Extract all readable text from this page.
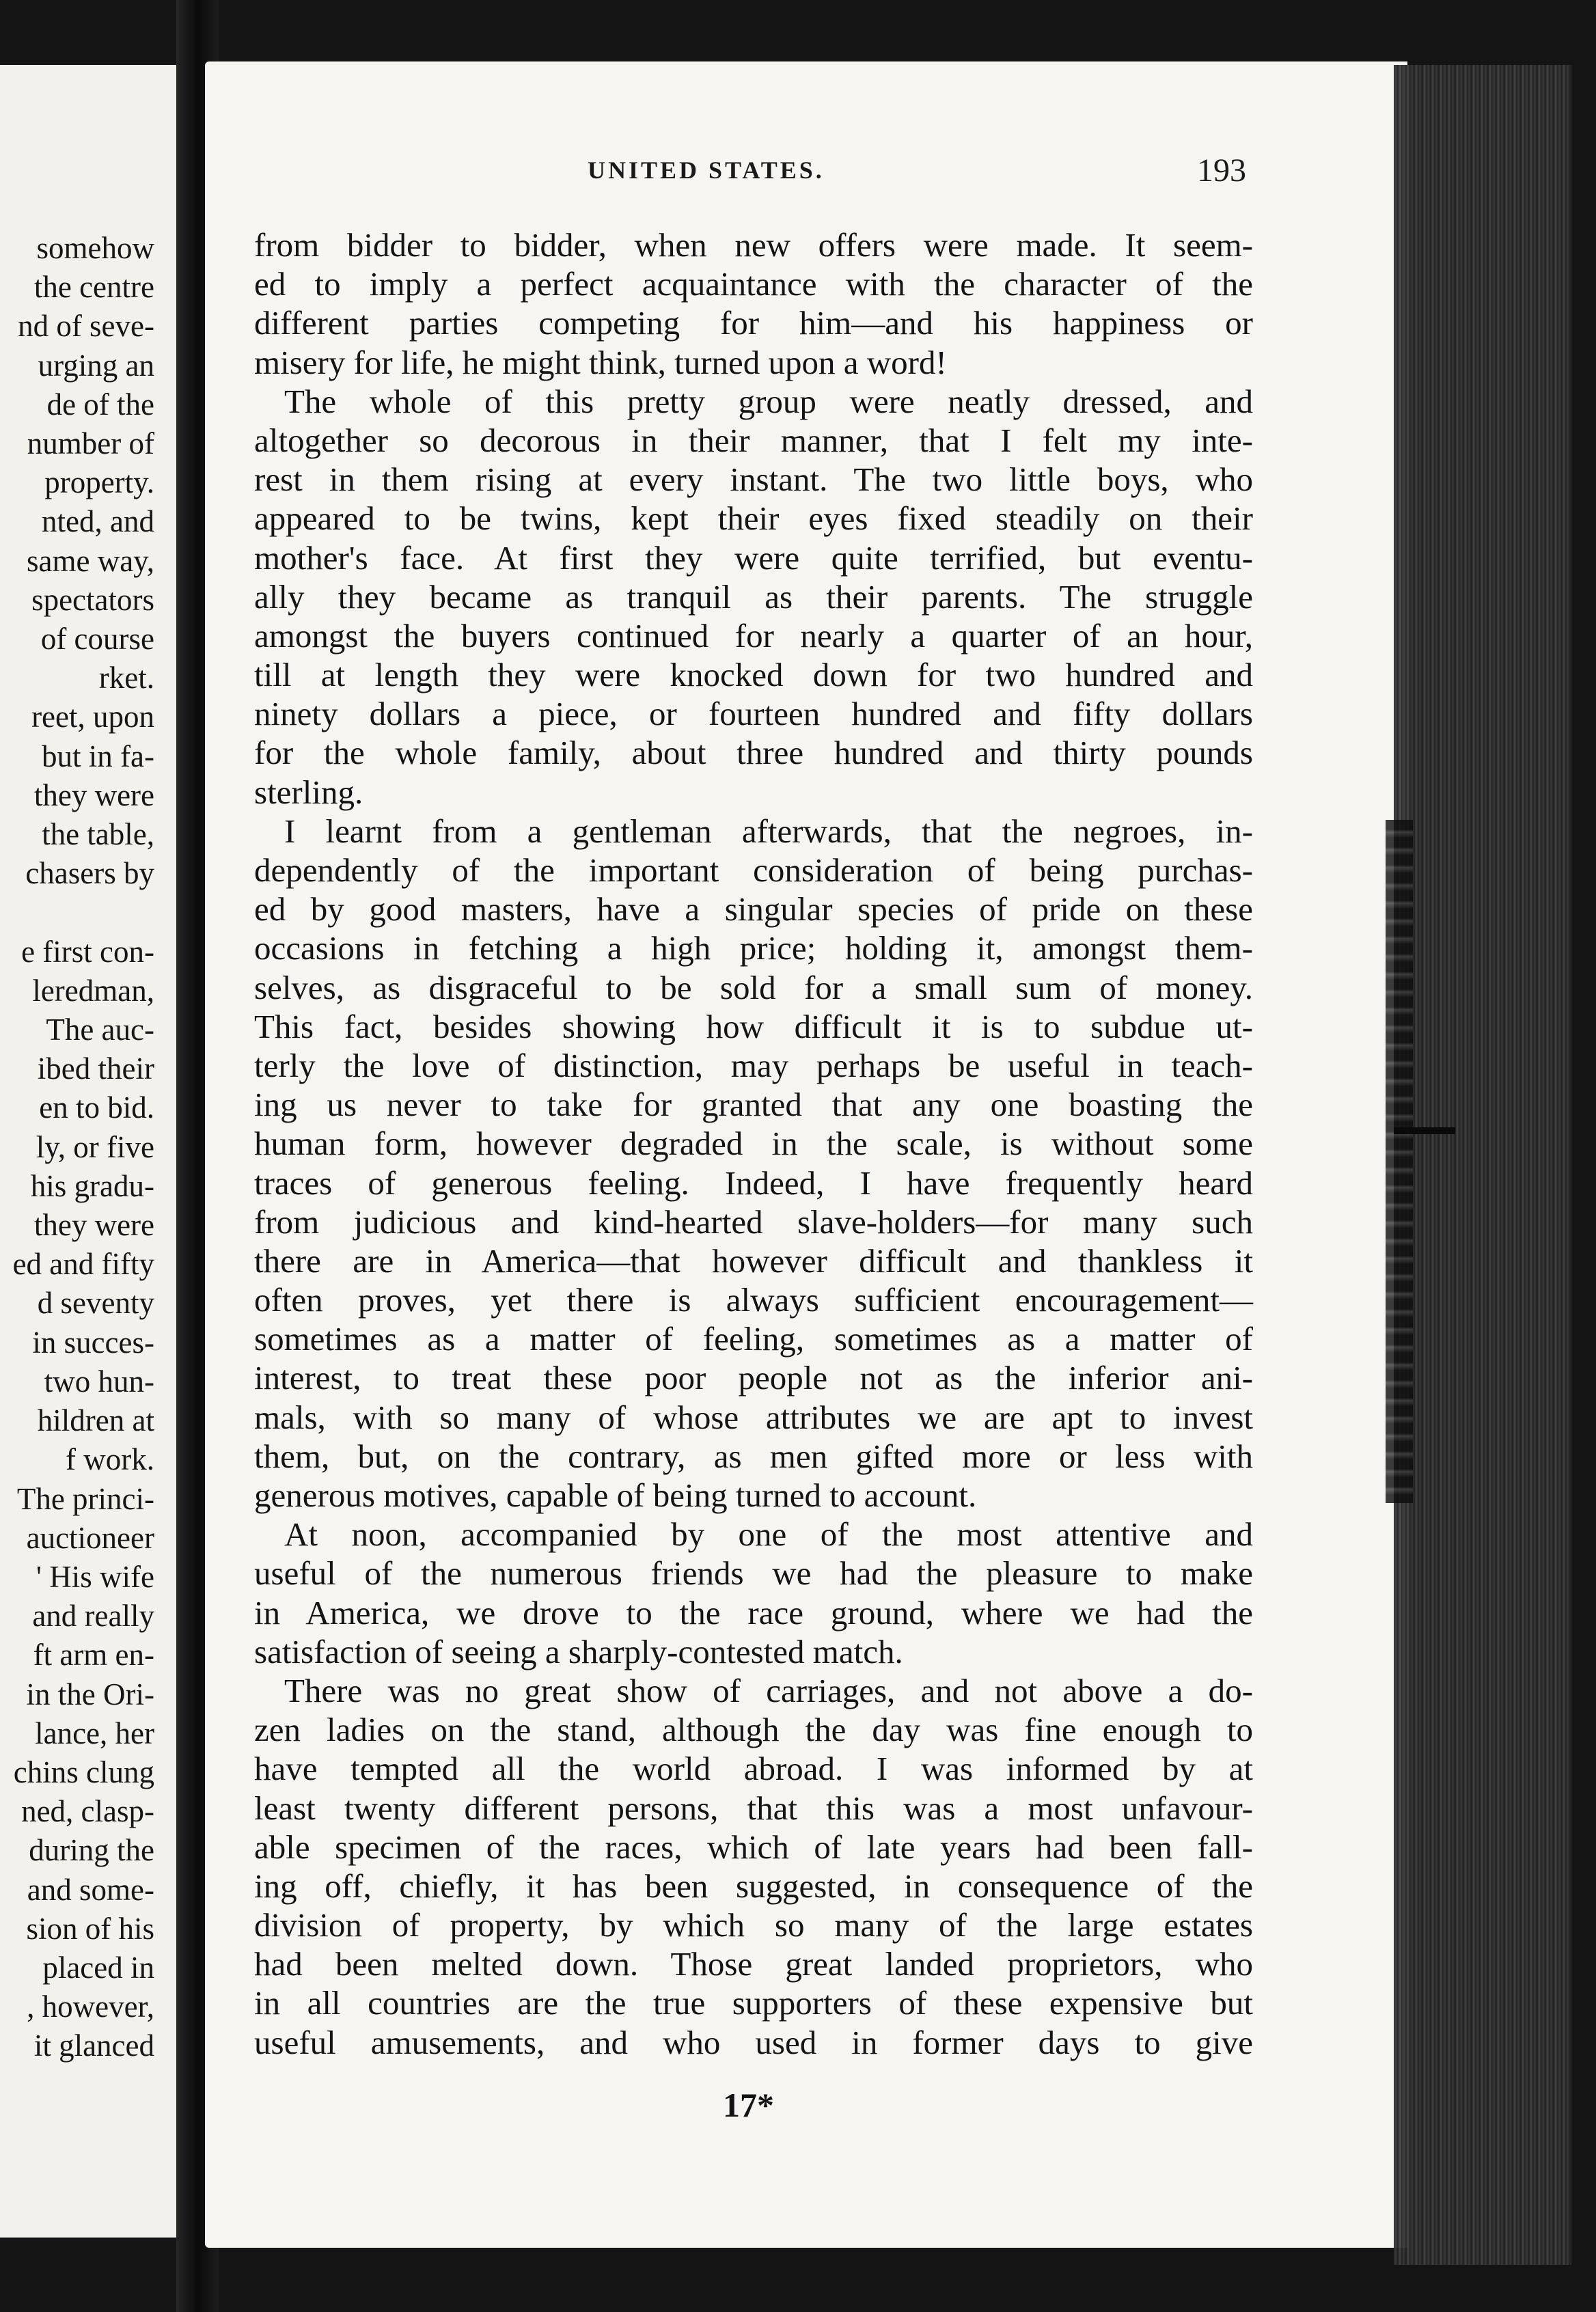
somehow
the centre
nd of seve-
urging an
de of the
number of
property.
nted, and
same way,
spectators
of course
rket.
reet, upon
but in fa-
they were
the table,
chasers by

e first con-
leredman,
The auc-
ibed their
en to bid.
ly, or five
his gradu-
they were
ed and fifty
d seventy
in succes-
two hun-
hildren at
f work.
The princi-
auctioneer
' His wife
and really
ft arm en-
in the Ori-
lance, her
chins clung
ned, clasp-
during the
and some-
sion of his
placed in
, however,
it glanced
UNITED STATES.	193
from bidder to bidder, when new offers were made. It seem-
ed to imply a perfect acquaintance with the character of the
different parties competing for him—and his happiness or
misery for life, he might think, turned upon a word!
The whole of this pretty group were neatly dressed, and
altogether so decorous in their manner, that I felt my inte-
rest in them rising at every instant. The two little boys, who
appeared to be twins, kept their eyes fixed steadily on their
mother's face. At first they were quite terrified, but eventu-
ally they became as tranquil as their parents. The struggle
amongst the buyers continued for nearly a quarter of an hour,
till at length they were knocked down for two hundred and
ninety dollars a piece, or fourteen hundred and fifty dollars
for the whole family, about three hundred and thirty pounds
sterling.
I learnt from a gentleman afterwards, that the negroes, in-
dependently of the important consideration of being purchas-
ed by good masters, have a singular species of pride on these
occasions in fetching a high price; holding it, amongst them-
selves, as disgraceful to be sold for a small sum of money.
This fact, besides showing how difficult it is to subdue ut-
terly the love of distinction, may perhaps be useful in teach-
ing us never to take for granted that any one boasting the
human form, however degraded in the scale, is without some
traces of generous feeling. Indeed, I have frequently heard
from judicious and kind-hearted slave-holders—for many such
there are in America—that however difficult and thankless it
often proves, yet there is always sufficient encouragement—
sometimes as a matter of feeling, sometimes as a matter of
interest, to treat these poor people not as the inferior ani-
mals, with so many of whose attributes we are apt to invest
them, but, on the contrary, as men gifted more or less with
generous motives, capable of being turned to account.
At noon, accompanied by one of the most attentive and
useful of the numerous friends we had the pleasure to make
in America, we drove to the race ground, where we had the
satisfaction of seeing a sharply-contested match.
There was no great show of carriages, and not above a do-
zen ladies on the stand, although the day was fine enough to
have tempted all the world abroad. I was informed by at
least twenty different persons, that this was a most unfavour-
able specimen of the races, which of late years had been fall-
ing off, chiefly, it has been suggested, in consequence of the
division of property, by which so many of the large estates
had been melted down. Those great landed proprietors, who
in all countries are the true supporters of these expensive but
useful amusements, and who used in former days to give
17*
